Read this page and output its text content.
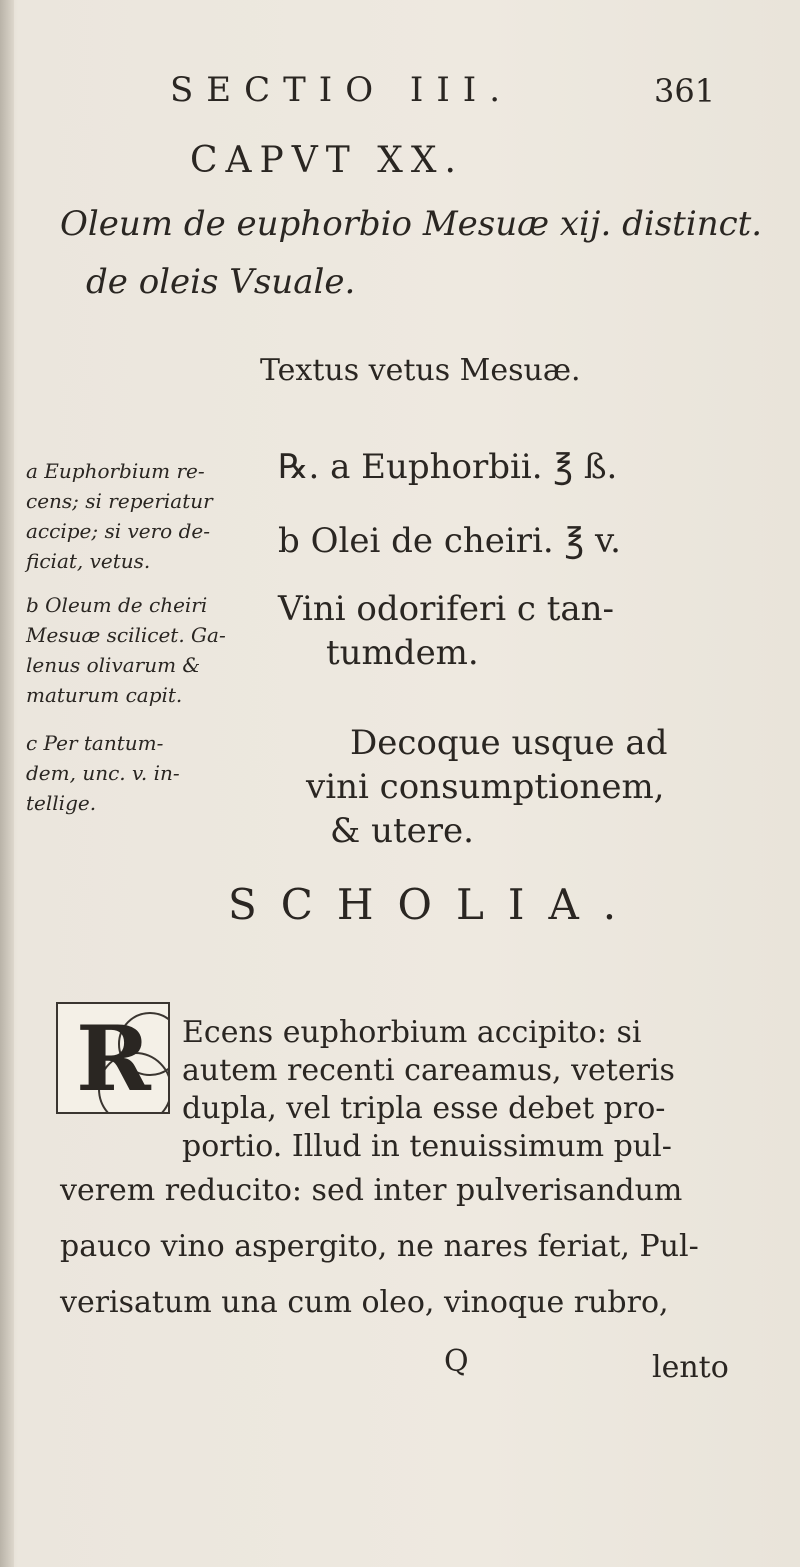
SECTIO III.	361
CAPVT XX.
Oleum de euphorbio Mesuæ xij. distinct.
de oleis Vsuale.
Textus vetus Mesuæ.
a Euphorbium re-
cens; si reperiatur
accipe; si vero de-
ficiat, vetus.
b Oleum de cheiri
Mesuæ scilicet. Ga-
lenus olivarum &
maturum capit.
c Per tantum-
dem, unc. v. in-
tellige.
℞. a Euphorbii. ℥ ß.
b Olei de cheiri. ℥ v.
Vini odoriferi c tan-
tumdem.
Decoque usque ad
vini consumptionem,
& utere.
SCHOLIA.
R Ecens euphorbium accipito: si
autem recenti careamus, veteris
dupla, vel tripla esse debet pro-
portio. Illud in tenuissimum pul-
verem reducito: sed inter pulverisandum
pauco vino aspergito, ne nares feriat, Pul-
verisatum una cum oleo, vinoque rubro,
Q	lento
